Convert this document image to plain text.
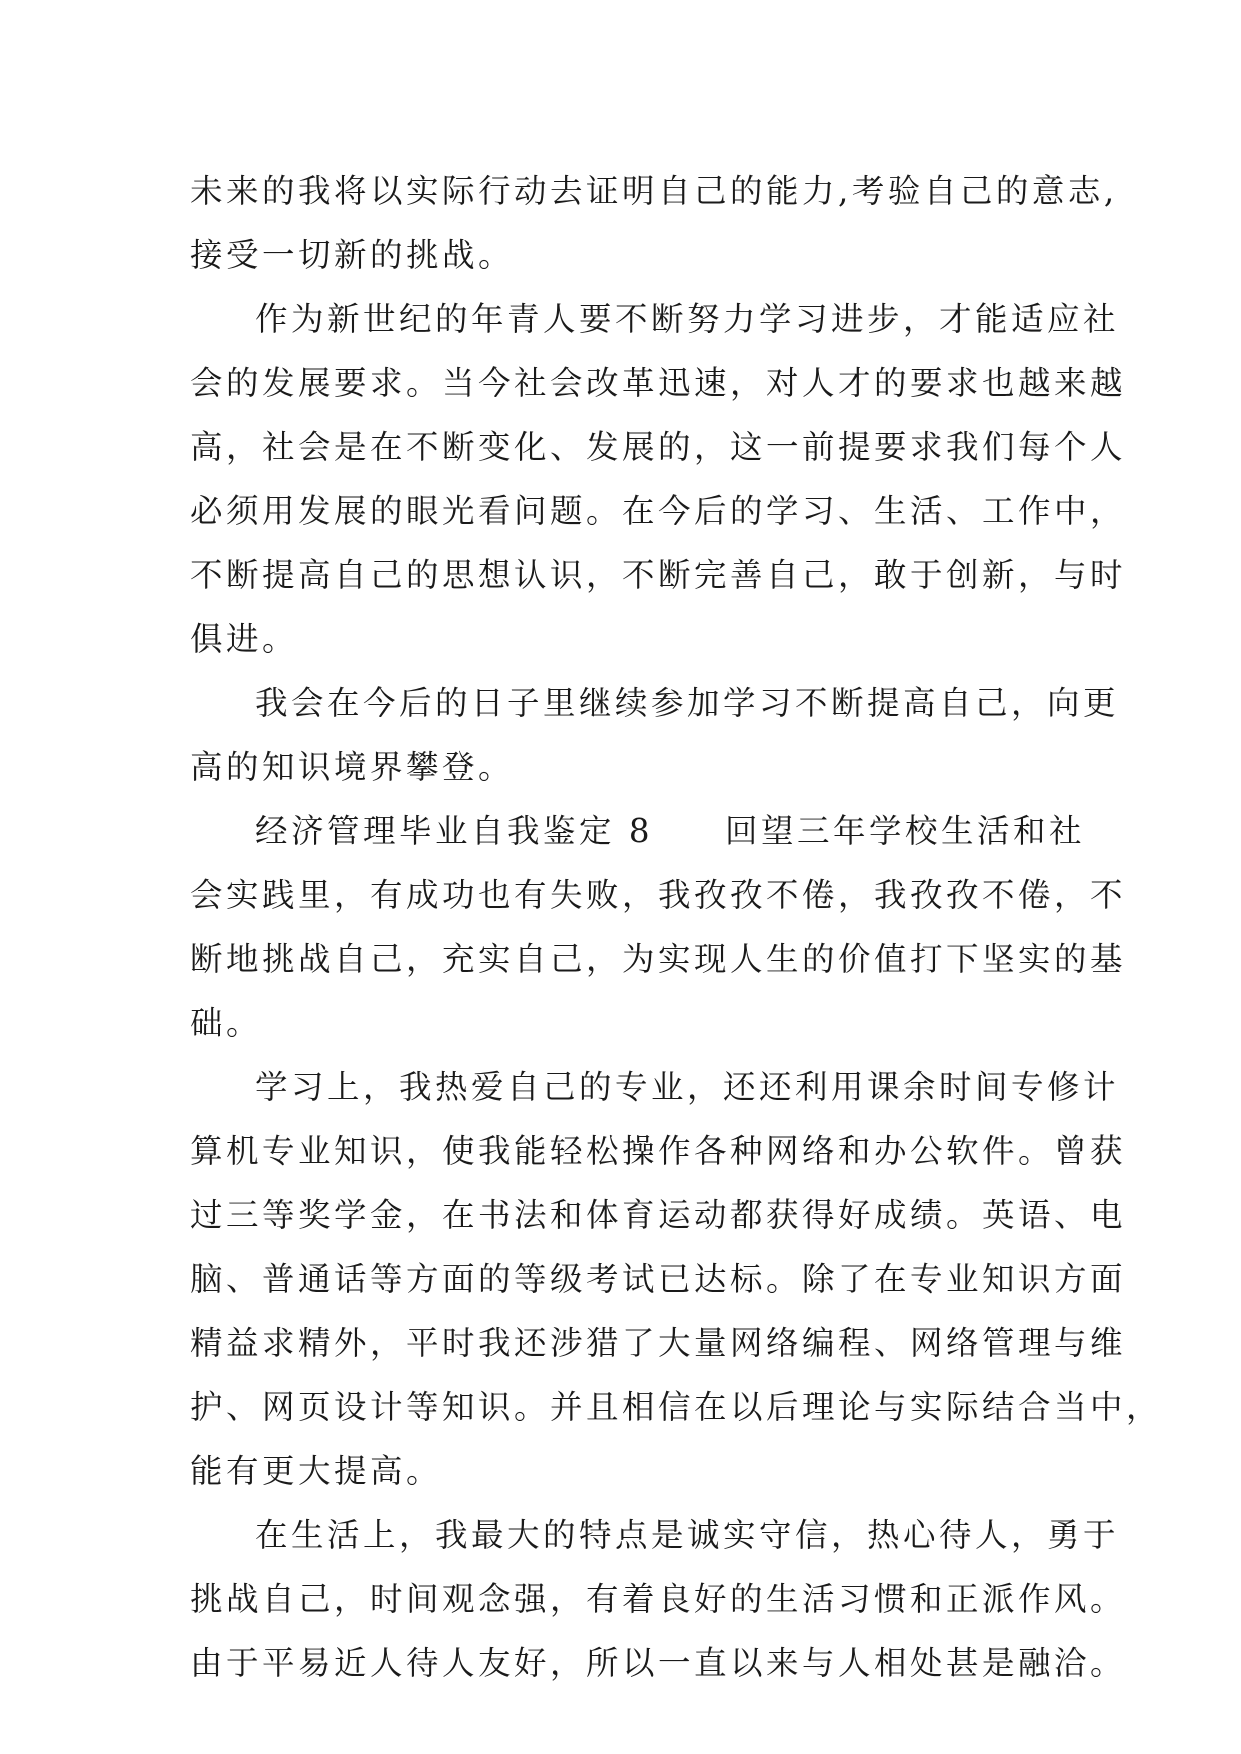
未来的我将以实际行动去证明自己的能力,考验自己的意志,
接受一切新的挑战。
作为新世纪的年青人要不断努力学习进步，才能适应社
会的发展要求。当今社会改革迅速，对人才的要求也越来越
高，社会是在不断变化、发展的，这一前提要求我们每个人
必须用发展的眼光看问题。在今后的学习、生活、工作中，
不断提高自己的思想认识，不断完善自己，敢于创新，与时
俱进。
我会在今后的日子里继续参加学习不断提高自己，向更
高的知识境界攀登。
经济管理毕业自我鉴定 8　　回望三年学校生活和社
会实践里，有成功也有失败，我孜孜不倦，我孜孜不倦，不
断地挑战自己，充实自己，为实现人生的价值打下坚实的基
础。
学习上，我热爱自己的专业，还还利用课余时间专修计
算机专业知识，使我能轻松操作各种网络和办公软件。曾获
过三等奖学金，在书法和体育运动都获得好成绩。英语、电
脑、普通话等方面的等级考试已达标。除了在专业知识方面
精益求精外，平时我还涉猎了大量网络编程、网络管理与维
护、网页设计等知识。并且相信在以后理论与实际结合当中，
能有更大提高。
在生活上，我最大的特点是诚实守信，热心待人，勇于
挑战自己，时间观念强，有着良好的生活习惯和正派作风。
由于平易近人待人友好，所以一直以来与人相处甚是融洽。
